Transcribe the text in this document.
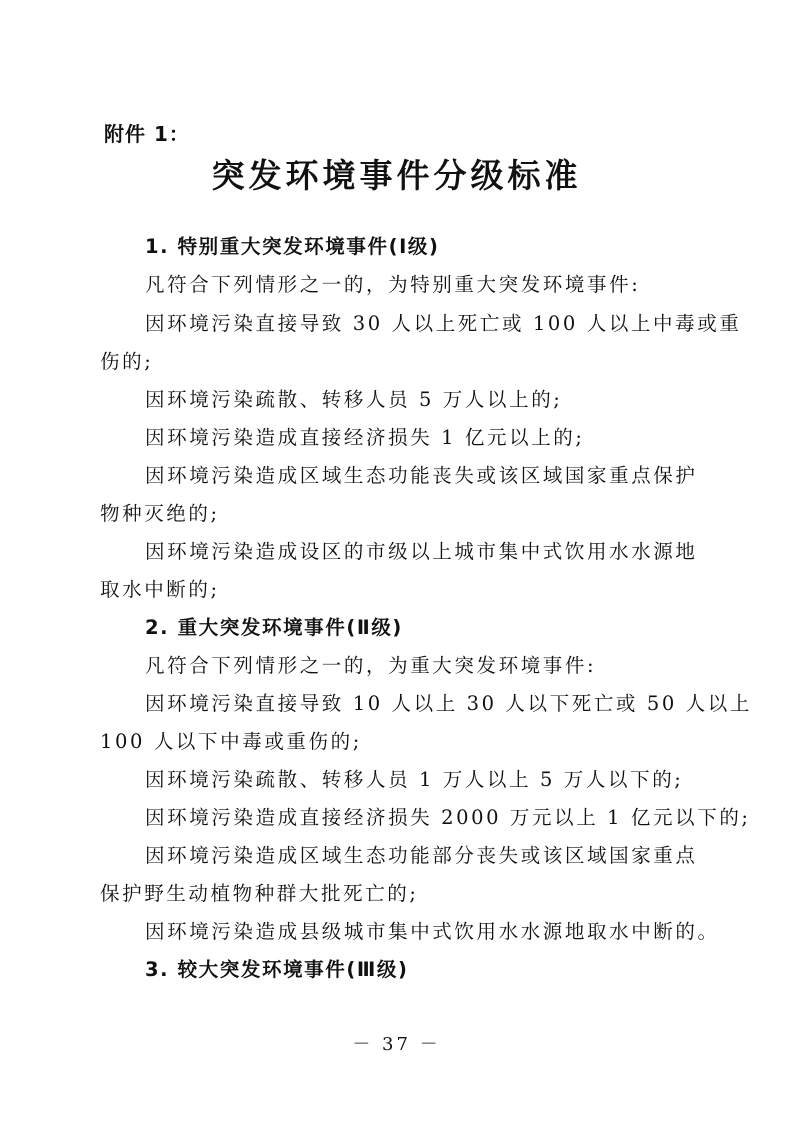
附件 1：

突发环境事件分级标准

1. 特别重大突发环境事件(Ⅰ级)

凡符合下列情形之一的，为特别重大突发环境事件:

因环境污染直接导致 30 人以上死亡或 100 人以上中毒或重

伤的;

因环境污染疏散、转移人员 5 万人以上的;

因环境污染造成直接经济损失 1 亿元以上的;

因环境污染造成区域生态功能丧失或该区域国家重点保护

物种灭绝的;

因环境污染造成设区的市级以上城市集中式饮用水水源地

取水中断的;

2. 重大突发环境事件(Ⅱ级)

凡符合下列情形之一的，为重大突发环境事件:

因环境污染直接导致 10 人以上 30 人以下死亡或 50 人以上

100 人以下中毒或重伤的;

因环境污染疏散、转移人员 1 万人以上 5 万人以下的;

因环境污染造成直接经济损失 2000 万元以上 1 亿元以下的;

因环境污染造成区域生态功能部分丧失或该区域国家重点

保护野生动植物种群大批死亡的;

因环境污染造成县级城市集中式饮用水水源地取水中断的。

3. 较大突发环境事件(Ⅲ级)

－ 37 －
